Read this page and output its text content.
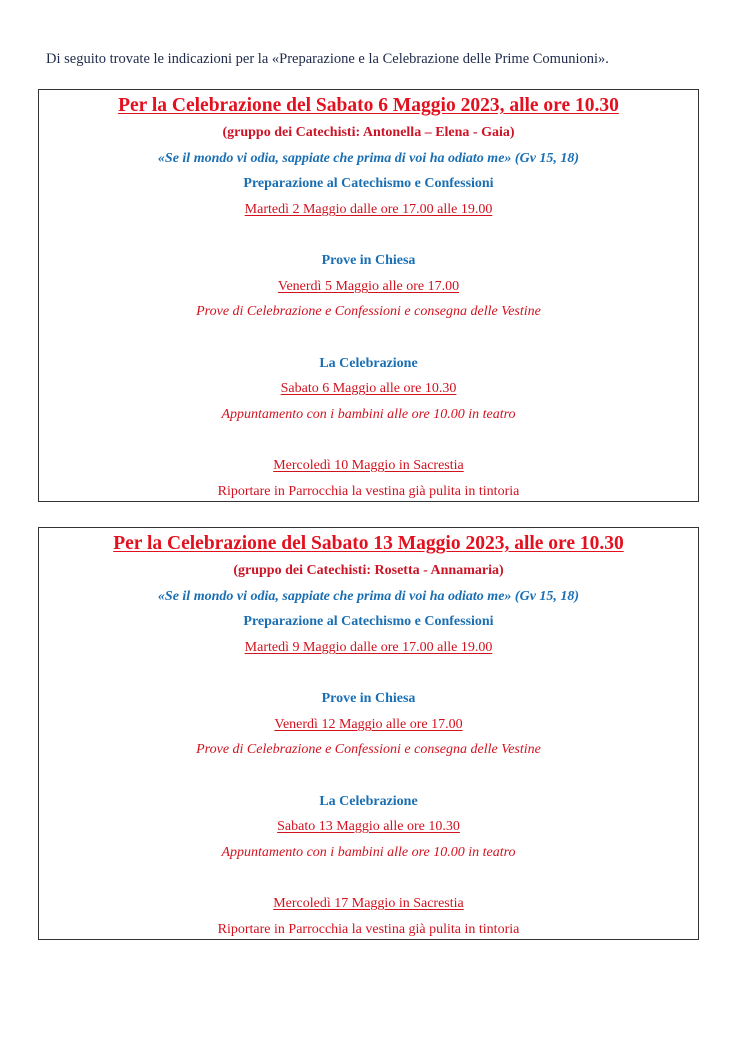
Di seguito trovate le indicazioni per la «Preparazione e la Celebrazione delle Prime Comunioni».
Per la Celebrazione del Sabato 6 Maggio 2023, alle ore 10.30
(gruppo dei Catechisti: Antonella – Elena - Gaia)
«Se il mondo vi odia, sappiate che prima di voi ha odiato me» (Gv 15, 18)
Preparazione al Catechismo e Confessioni
Martedì 2 Maggio dalle ore 17.00 alle 19.00
Prove in Chiesa
Venerdì 5 Maggio alle ore 17.00
Prove di Celebrazione e Confessioni e consegna delle Vestine
La Celebrazione
Sabato 6 Maggio alle ore 10.30
Appuntamento con i bambini alle ore 10.00 in teatro
Mercoledì 10 Maggio in Sacrestia
Riportare in Parrocchia la vestina già pulita in tintoria
Per la Celebrazione del Sabato 13 Maggio 2023, alle ore 10.30
(gruppo dei Catechisti: Rosetta - Annamaria)
«Se il mondo vi odia, sappiate che prima di voi ha odiato me» (Gv 15, 18)
Preparazione al Catechismo e Confessioni
Martedì 9 Maggio dalle ore 17.00 alle 19.00
Prove in Chiesa
Venerdì 12 Maggio alle ore 17.00
Prove di Celebrazione e Confessioni e consegna delle Vestine
La Celebrazione
Sabato 13 Maggio alle ore 10.30
Appuntamento con i bambini alle ore 10.00 in teatro
Mercoledì 17 Maggio in Sacrestia
Riportare in Parrocchia la vestina già pulita in tintoria
